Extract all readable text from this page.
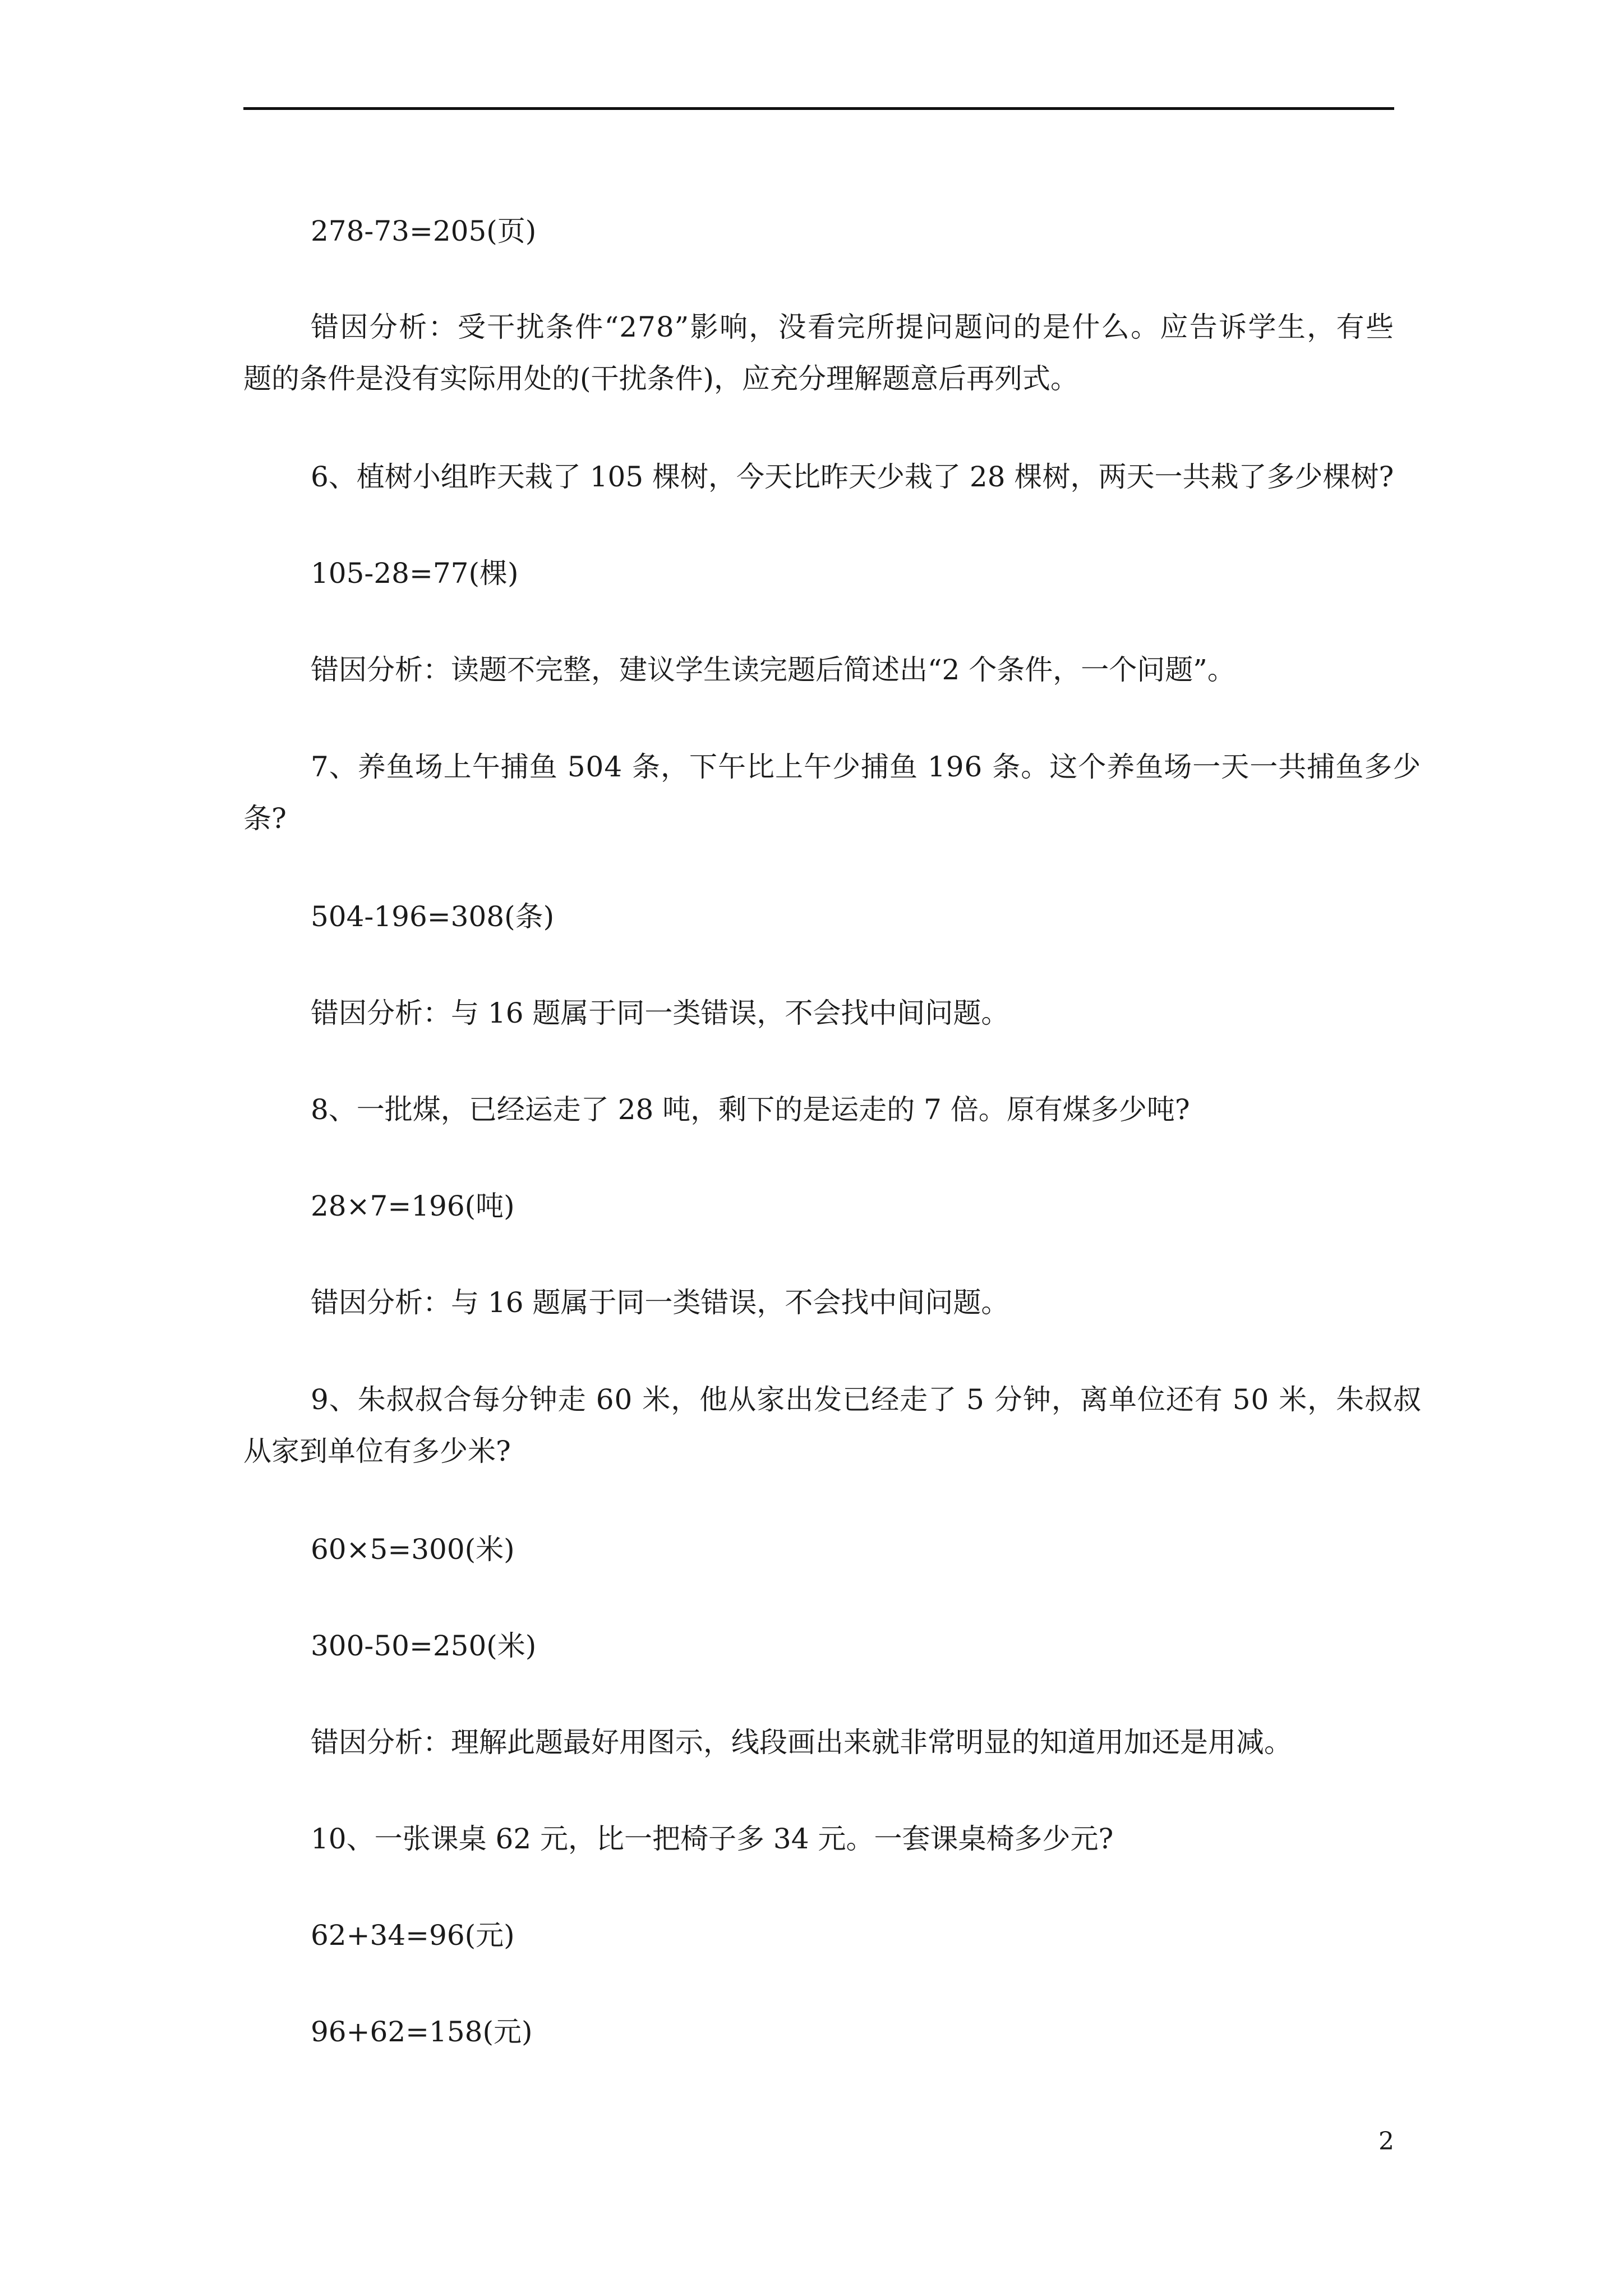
278-73=205(页)
错因分析：受干扰条件“278”影响，没看完所提问题问的是什么。应告诉学生，有些
题的条件是没有实际用处的(干扰条件)，应充分理解题意后再列式。
6、植树小组昨天栽了 105 棵树，今天比昨天少栽了 28 棵树，两天一共栽了多少棵树?
105-28=77(棵)
错因分析：读题不完整，建议学生读完题后简述出“2 个条件，一个问题”。
7、养鱼场上午捕鱼 504 条，下午比上午少捕鱼 196 条。这个养鱼场一天一共捕鱼多少
条?
504-196=308(条)
错因分析：与 16 题属于同一类错误，不会找中间问题。
8、一批煤，已经运走了 28 吨，剩下的是运走的 7 倍。原有煤多少吨?
28×7=196(吨)
错因分析：与 16 题属于同一类错误，不会找中间问题。
9、朱叔叔合每分钟走 60 米，他从家出发已经走了 5 分钟，离单位还有 50 米，朱叔叔
从家到单位有多少米?
60×5=300(米)
300-50=250(米)
错因分析：理解此题最好用图示，线段画出来就非常明显的知道用加还是用减。
10、一张课桌 62 元，比一把椅子多 34 元。一套课桌椅多少元?
62+34=96(元)
96+62=158(元)
2
